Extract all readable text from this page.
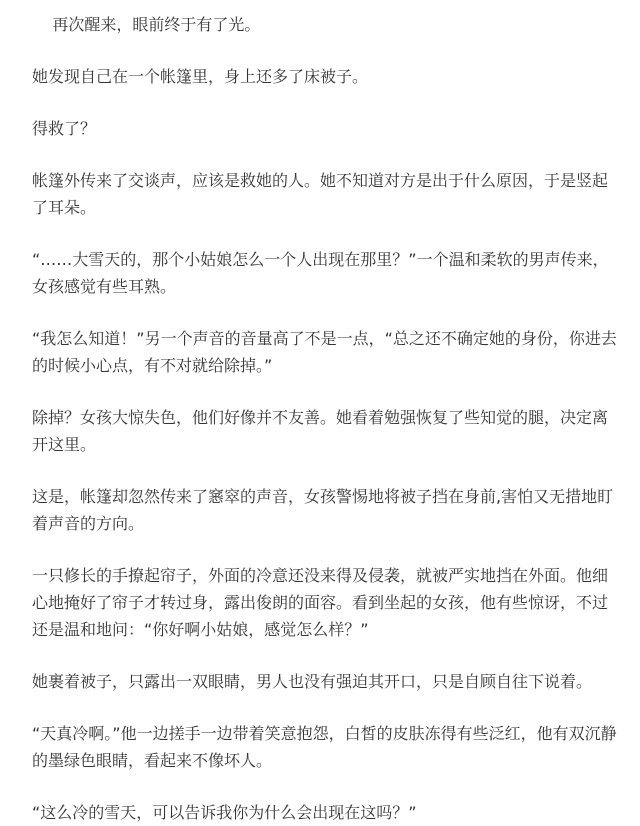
再次醒来，眼前终于有了光。

她发现自己在一个帐篷里，身上还多了床被子。

得救了？

帐篷外传来了交谈声，应该是救她的人。她不知道对方是出于什么原因，于是竖起了耳朵。

“……大雪天的，那个小姑娘怎么一个人出现在那里？”一个温和柔软的男声传来，女孩感觉有些耳熟。

“我怎么知道！”另一个声音的音量高了不是一点，“总之还不确定她的身份，你进去的时候小心点，有不对就给除掉。”

除掉？女孩大惊失色，他们好像并不友善。她看着勉强恢复了些知觉的腿，决定离开这里。

这是，帐篷却忽然传来了窸窣的声音，女孩警惕地将被子挡在身前,害怕又无措地盯着声音的方向。

一只修长的手撩起帘子，外面的冷意还没来得及侵袭，就被严实地挡在外面。他细心地掩好了帘子才转过身，露出俊朗的面容。看到坐起的女孩，他有些惊讶，不过还是温和地问：“你好啊小姑娘，感觉怎么样？”

她裹着被子，只露出一双眼睛，男人也没有强迫其开口，只是自顾自往下说着。

“天真冷啊。”他一边搓手一边带着笑意抱怨，白皙的皮肤冻得有些泛红，他有双沉静的墨绿色眼睛，看起来不像坏人。

“这么冷的雪天，可以告诉我你为什么会出现在这吗？”
